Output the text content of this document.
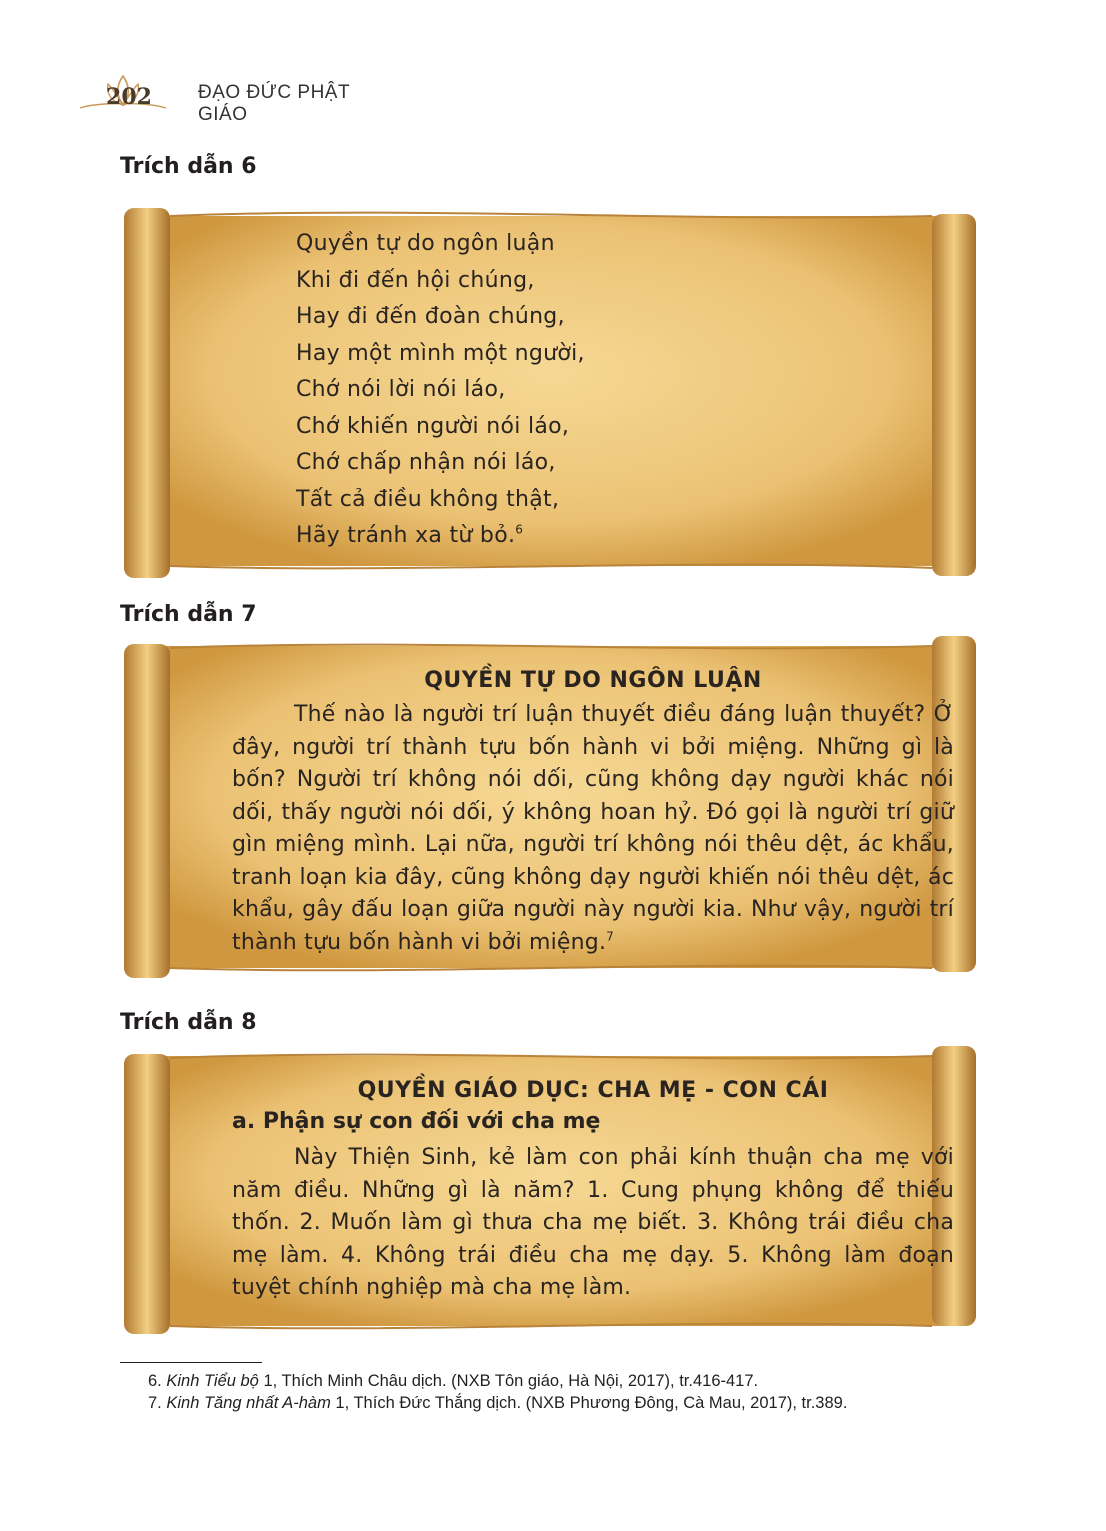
202	ĐẠO ĐỨC PHẬT GIÁO
Trích dẫn 6
Quyền tự do ngôn luận
Khi đi đến hội chúng,
Hay đi đến đoàn chúng,
Hay một mình một người,
Chớ nói lời nói láo,
Chớ khiến người nói láo,
Chớ chấp nhận nói láo,
Tất cả điều không thật,
Hãy tránh xa từ bỏ.$^6$
Trích dẫn 7
QUYỀN TỰ DO NGÔN LUẬN
Thế nào là người trí luận thuyết điều đáng luận thuyết? Ở đây, người trí thành tựu bốn hành vi bởi miệng. Những gì là bốn? Người trí không nói dối, cũng không dạy người khác nói dối, thấy người nói dối, ý không hoan hỷ. Đó gọi là người trí giữ gìn miệng mình. Lại nữa, người trí không nói thêu dệt, ác khẩu, tranh loạn kia đây, cũng không dạy người khiến nói thêu dệt, ác khẩu, gây đấu loạn giữa người này người kia. Như vậy, người trí thành tựu bốn hành vi bởi miệng.$^7$
Trích dẫn 8
QUYỀN GIÁO DỤC: CHA MẸ - CON CÁI
a. Phận sự con đối với cha mẹ
Này Thiện Sinh, kẻ làm con phải kính thuận cha mẹ với năm điều. Những gì là năm? 1. Cung phụng không để thiếu thốn. 2. Muốn làm gì thưa cha mẹ biết. 3. Không trái điều cha mẹ làm. 4. Không trái điều cha mẹ dạy. 5. Không làm đoạn tuyệt chính nghiệp mà cha mẹ làm.
6. Kinh Tiểu bộ 1, Thích Minh Châu dịch. (NXB Tôn giáo, Hà Nội, 2017), tr.416-417.
7. Kinh Tăng nhất A-hàm 1, Thích Đức Thắng dịch. (NXB Phương Đông, Cà Mau, 2017), tr.389.
